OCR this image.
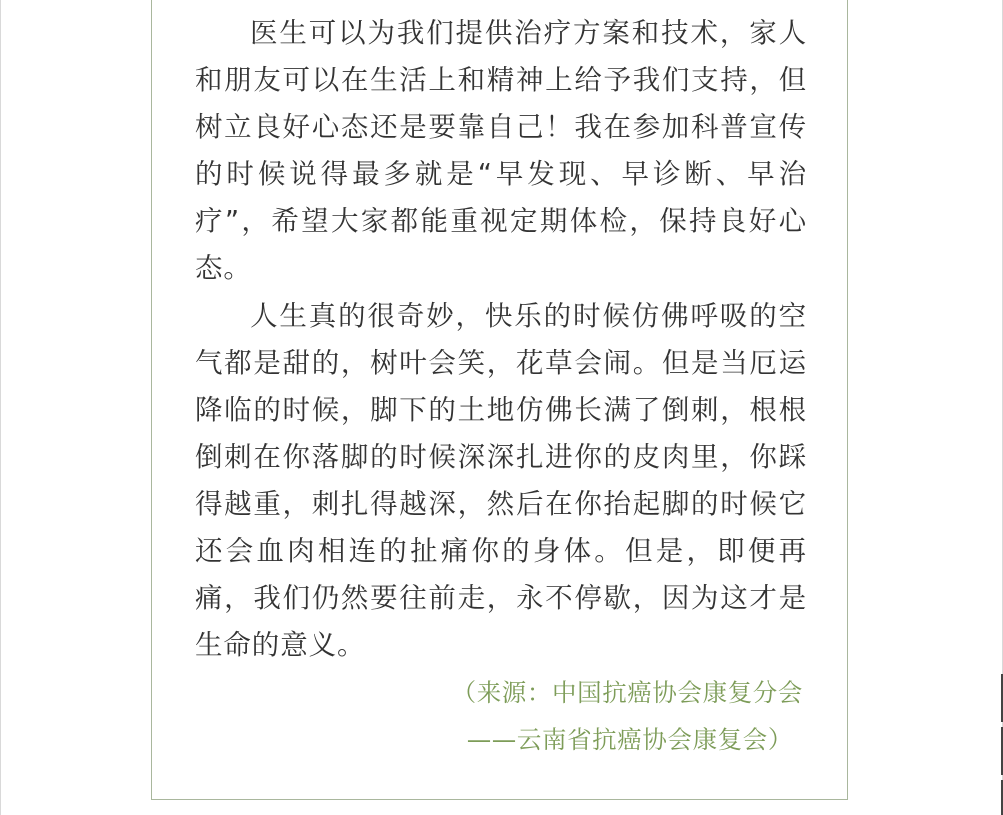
医生可以为我们提供治疗方案和技术，家人和朋友可以在生活上和精神上给予我们支持，但树立良好心态还是要靠自己！我在参加科普宣传的时候说得最多就是“早发现、早诊断、早治疗”，希望大家都能重视定期体检，保持良好心态。

人生真的很奇妙，快乐的时候仿佛呼吸的空气都是甜的，树叶会笑，花草会闹。但是当厄运降临的时候，脚下的土地仿佛长满了倒刺，根根倒刺在你落脚的时候深深扎进你的皮肉里，你踩得越重，刺扎得越深，然后在你抬起脚的时候它还会血肉相连的扯痛你的身体。但是，即便再痛，我们仍然要往前走，永不停歇，因为这才是生命的意义。

（来源：中国抗癌协会康复分会
——云南省抗癌协会康复会）
